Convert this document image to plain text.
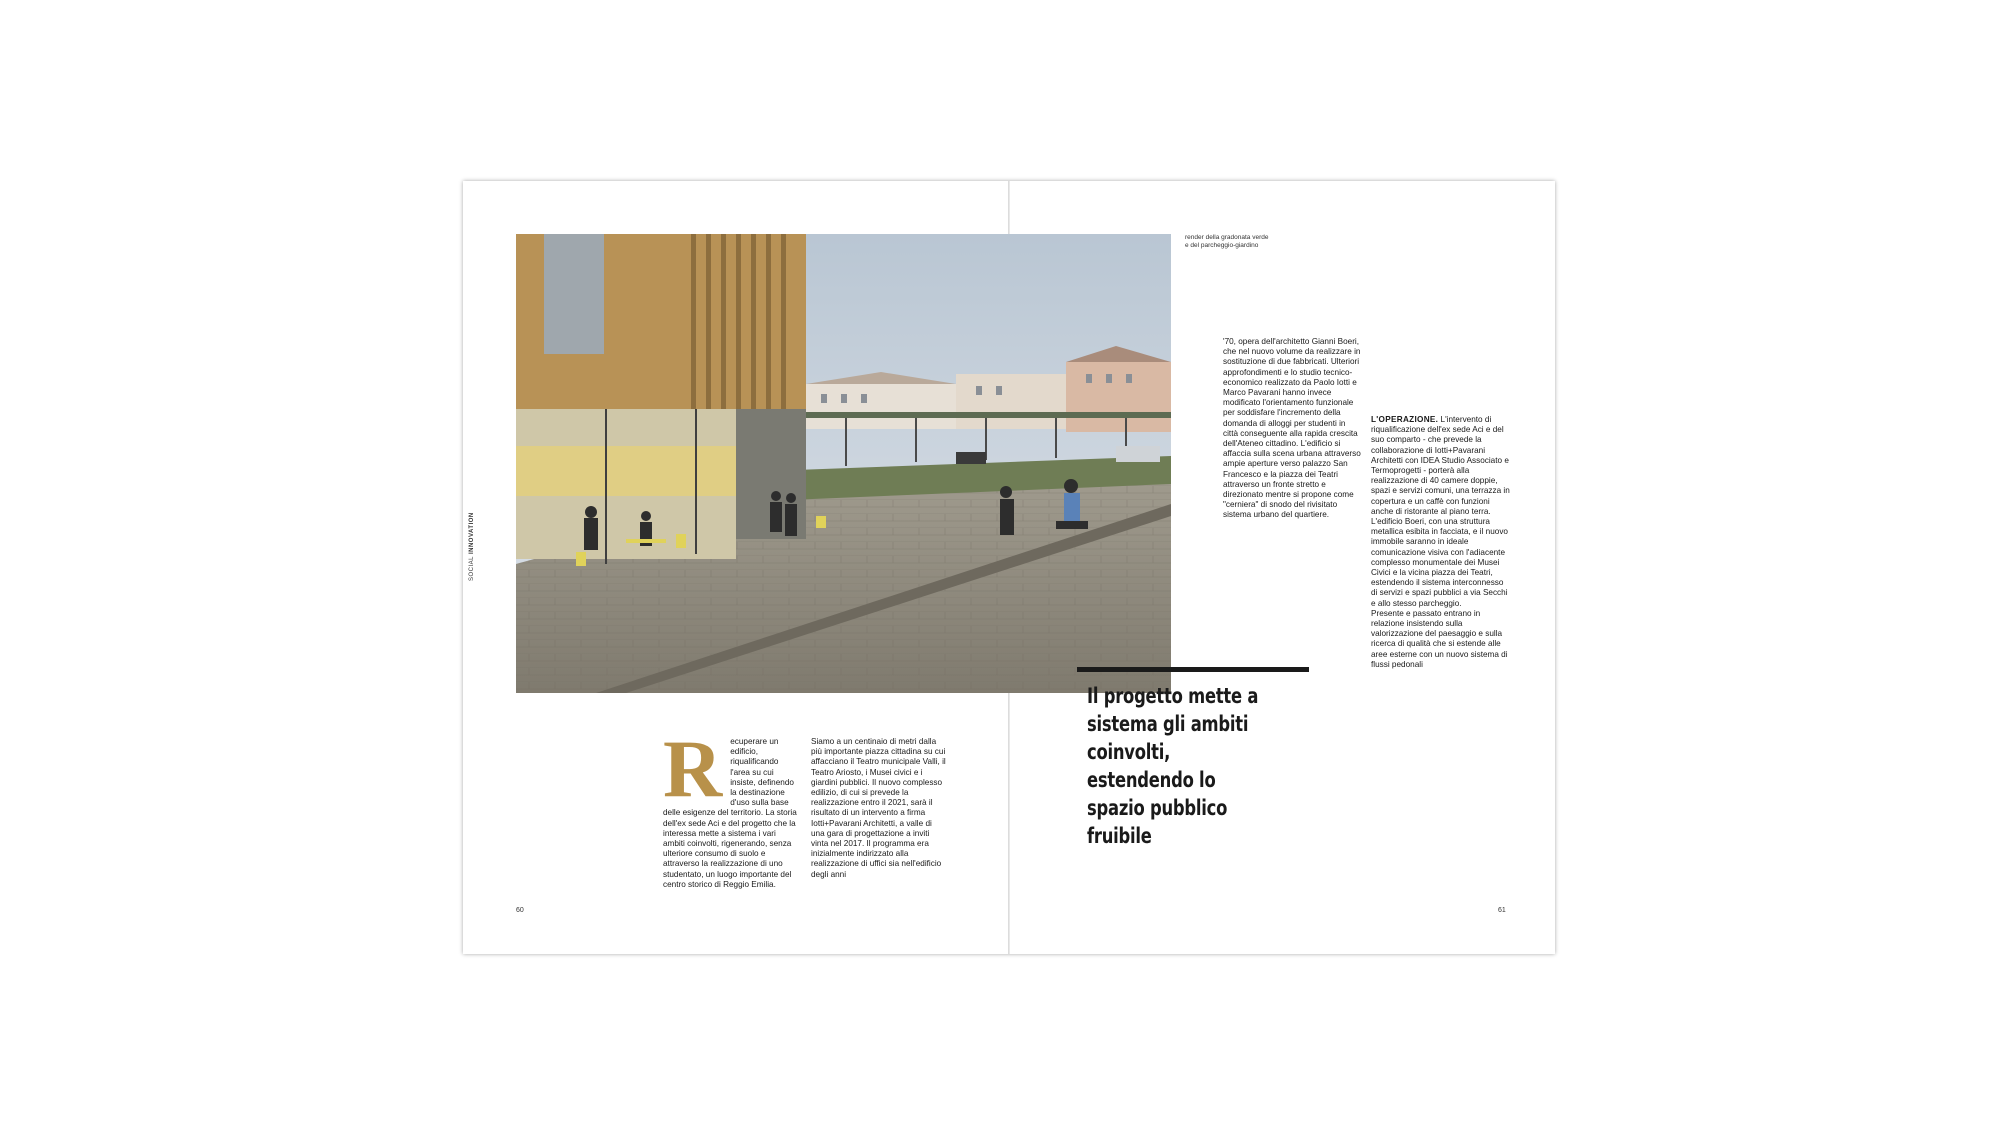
SOCIAL INNOVATION
render della gradonata verde
e del parcheggio-giardino
R ecuperare un edificio, riqualificando l'area su cui insiste, definendo la destinazione d'uso sulla base delle esigenze del territorio. La storia dell'ex sede Aci e del progetto che la interessa mette a sistema i vari ambiti coinvolti, rigenerando, senza ulteriore consumo di suolo e attraverso la realizzazione di uno studentato, un luogo importante del centro storico di Reggio Emilia.

Siamo a un centinaio di metri dalla più importante piazza cittadina su cui affacciano il Teatro municipale Valli, il Teatro Ariosto, i Musei civici e i giardini pubblici. Il nuovo complesso edilizio, di cui si prevede la realizzazione entro il 2021, sarà il risultato di un intervento a firma Iotti+Pavarani Architetti, a valle di una gara di progettazione a inviti vinta nel 2017. Il programma era inizialmente indirizzato alla realizzazione di uffici sia nell'edificio degli anni

'70, opera dell'architetto Gianni Boeri, che nel nuovo volume da realizzare in sostituzione di due fabbricati. Ulteriori approfondimenti e lo studio tecnico-economico realizzato da Paolo Iotti e Marco Pavarani hanno invece modificato l'orientamento funzionale per soddisfare l'incremento della domanda di alloggi per studenti in città conseguente alla rapida crescita dell'Ateneo cittadino. L'edificio si affaccia sulla scena urbana attraverso ampie aperture verso palazzo San Francesco e la piazza dei Teatri attraverso un fronte stretto e direzionato mentre si propone come "cerniera" di snodo del rivisitato sistema urbano del quartiere.

L'OPERAZIONE. L'intervento di riqualificazione dell'ex sede Aci e del suo comparto - che prevede la collaborazione di Iotti+Pavarani Architetti con IDEA Studio Associato e Termoprogetti - porterà alla realizzazione di 40 camere doppie, spazi e servizi comuni, una terrazza in copertura e un caffè con funzioni anche di ristorante al piano terra. L'edificio Boeri, con una struttura metallica esibita in facciata, e il nuovo immobile saranno in ideale comunicazione visiva con l'adiacente complesso monumentale dei Musei Civici e la vicina piazza dei Teatri, estendendo il sistema interconnesso di servizi e spazi pubblici a via Secchi e allo stesso parcheggio.

Presente e passato entrano in relazione insistendo sulla valorizzazione del paesaggio e sulla ricerca di qualità che si estende alle aree esterne con un nuovo sistema di flussi pedonali

Il progetto mette a sistema gli ambiti coinvolti, estendendo lo spazio pubblico fruibile
60	61
